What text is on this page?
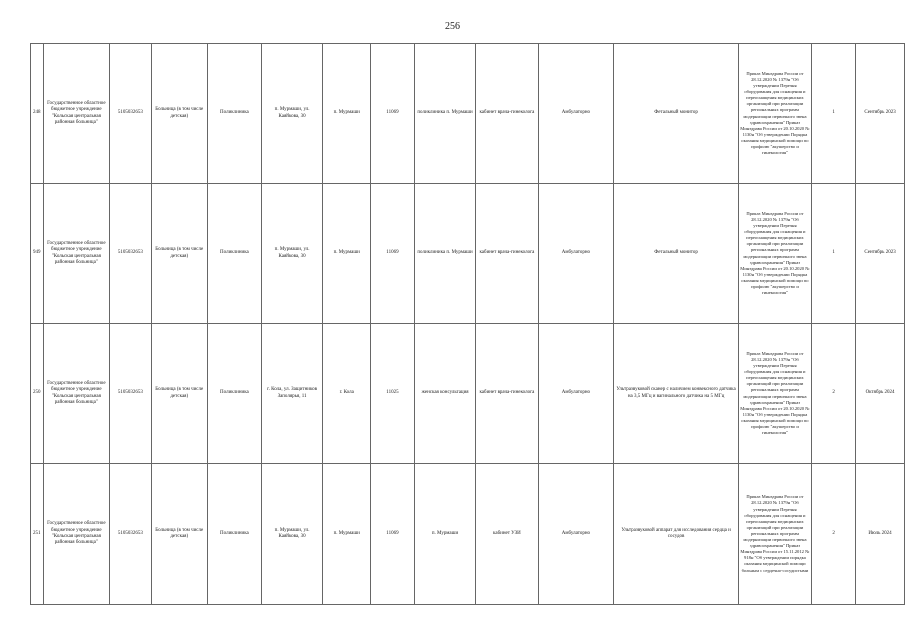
256
248	Государственное областное бюджетное учреждение "Кольская центральная районная больница"	5105032653	Больница (в том числе детская)	Поликлиника	п. Мурмаши, ул. Каяйкова, 30	п. Мурмаши	11069	поликлиника п. Мурмаши	кабинет врача-гинеколога	Амбулаторно	Фетальный монитор	Приказ Минздрава России от 28.12.2020 № 1379н "Об утверждении Перечня оборудования для оснащения и переоснащения медицинских организаций при реализации региональных программ модернизации первичного звена здравоохранения" Приказ Минздрава России от 20.10.2020 № 1130н "Об утверждении Порядка оказания медицинской помощи по профилю "акушерство и гинекология"	1	Сентябрь 2023
949	Государственное областное бюджетное учреждение "Кольская центральная районная больница"	5105032653	Больница (в том числе детская)	Поликлиника	п. Мурмаши, ул. Каяйкова, 30	п. Мурмаши	11069	поликлиника п. Мурмаши	кабинет врача-гинеколога	Амбулаторно	Фетальный монитор	Приказ Минздрава России от 28.12.2020 № 1379н "Об утверждении Перечня оборудования для оснащения и переоснащения медицинских организаций при реализации региональных программ модернизации первичного звена здравоохранения" Приказ Минздрава России от 20.10.2020 № 1130н "Об утверждении Порядка оказания медицинской помощи по профилю "акушерство и гинекология"	1	Сентябрь 2023
250	Государственное областное бюджетное учреждение "Кольская центральная районная больница"	5105032653	Больница (в том числе детская)	Поликлиника	г. Кола, ул. Защитников Заполярья, 11	г. Кола	11025	женская консультация	кабинет врача-гинеколога	Амбулаторно	Ультразвуковой сканер с наличием конвексного датчика на 3,5 МГц и вагинального датчика на 5 МГц	Приказ Минздрава России от 28.12.2020 № 1379н "Об утверждении Перечня оборудования для оснащения и переоснащения медицинских организаций при реализации региональных программ модернизации первичного звена здравоохранения" Приказ Минздрава России от 20.10.2020 № 1130н "Об утверждении Порядка оказания медицинской помощи по профилю "акушерство и гинекология"	2	Октябрь 2024
251	Государственное областное бюджетное учреждение "Кольская центральная районная больница"	5105032653	Больница (в том числе детская)	Поликлиника	п. Мурмаши, ул. Каяйкова, 30	п. Мурмаши	11069	п. Мурмаши	кабинет УЗИ	Амбулаторно	Ультразвуковой аппарат для исследования сердца и сосудов	Приказ Минздрава России от 28.12.2020 № 1379н "Об утверждении Перечня оборудования для оснащения и переоснащения медицинских организаций при реализации региональных программ модернизации первичного звена здравоохранения" Приказ Минздрава России от 15.11.2012 № 918н "Об утверждении порядка оказания медицинской помощи больным с сердечно-сосудистыми	2	Июль 2024
